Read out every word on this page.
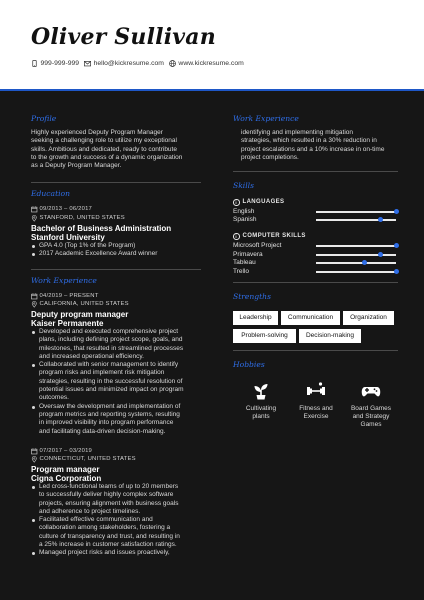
Oliver Sullivan
999-999-999 hello@kickresume.com www.kickresume.com
Profile
Highly experienced Deputy Program Manager
seeking a challenging role to utilize my exceptional
skills. Ambitious and dedicated, ready to contribute
to the growth and success of a dynamic organization
as a Deputy Program Manager.
Education
09/2013 – 06/2017
STANFORD, UNITED STATES
Bachelor of Business Administration
Stanford University
GPA 4.0 (Top 1% of the Program)
2017 Academic Excellence Award winner
Work Experience
04/2019 – PRESENT
CALIFORNIA, UNITED STATES
Deputy program manager
Kaiser Permanente
Developed and executed comprehensive project
plans, including defining project scope, goals, and
milestones, that resulted in streamlined processes
and increased operational efficiency.
Collaborated with senior management to identify
program risks and implement risk mitigation
strategies, resulting in the successful resolution of
potential issues and minimized impact on program
outcomes.
Oversaw the development and implementation of
program metrics and reporting systems, resulting
in improved visibility into program performance
and facilitating data-driven decision-making.
07/2017 – 03/2019
CONNECTICUT, UNITED STATES
Program manager
Cigna Corporation
Led cross-functional teams of up to 20 members
to successfully deliver highly complex software
projects, ensuring alignment with business goals
and adherence to project timelines.
Facilitated effective communication and
collaboration among stakeholders, fostering a
culture of transparency and trust, and resulting in
a 25% increase in customer satisfaction ratings.
Managed project risks and issues proactively,
Work Experience
identifying and implementing mitigation
strategies, which resulted in a 30% reduction in
project escalations and a 10% increase in on-time
project completions.
Skills
i LANGUAGES
English
Spanish
i COMPUTER SKILLS
Microsoft Project
Primavera
Tableau
Trello
Strengths
Leadership	Communication	Organization
Problem-solving	Decision-making
Hobbies
Cultivating
plants
Fitness and
Exercise
Board Games
and Strategy
Games
